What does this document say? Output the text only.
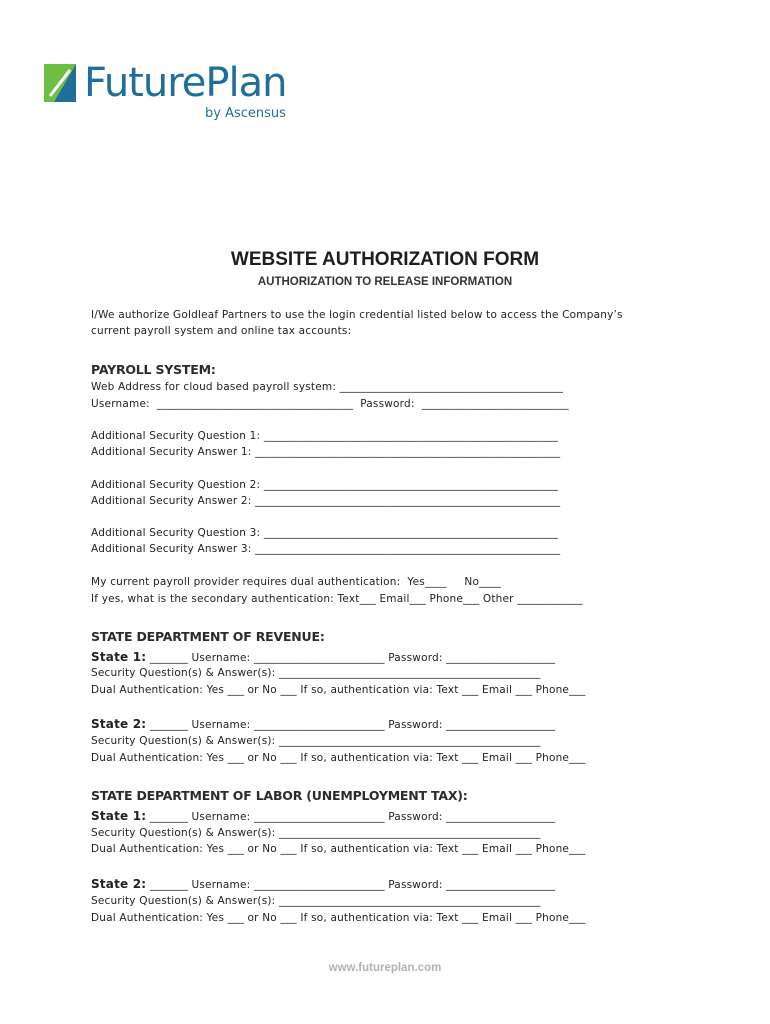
FuturePlan
by Ascensus
WEBSITE AUTHORIZATION FORM
AUTHORIZATION TO RELEASE INFORMATION
I/We authorize Goldleaf Partners to use the login credential listed below to access the Company’s
current payroll system and online tax accounts:
PAYROLL SYSTEM:
Web Address for cloud based payroll system: _________________________________________
Username:  ____________________________________  Password:  ___________________________
Additional Security Question 1: ______________________________________________________
Additional Security Answer 1: ________________________________________________________
Additional Security Question 2: ______________________________________________________
Additional Security Answer 2: ________________________________________________________
Additional Security Question 3: ______________________________________________________
Additional Security Answer 3: ________________________________________________________
My current payroll provider requires dual authentication:  Yes____     No____
If yes, what is the secondary authentication: Text___ Email___ Phone___ Other ____________
STATE DEPARTMENT OF REVENUE:
State 1: _______ Username: ________________________ Password: ____________________
Security Question(s) & Answer(s): ________________________________________________
Dual Authentication: Yes ___ or No ___ If so, authentication via: Text ___ Email ___ Phone___
State 2: _______ Username: ________________________ Password: ____________________
Security Question(s) & Answer(s): ________________________________________________
Dual Authentication: Yes ___ or No ___ If so, authentication via: Text ___ Email ___ Phone___
STATE DEPARTMENT OF LABOR (UNEMPLOYMENT TAX):
State 1: _______ Username: ________________________ Password: ____________________
Security Question(s) & Answer(s): ________________________________________________
Dual Authentication: Yes ___ or No ___ If so, authentication via: Text ___ Email ___ Phone___
State 2: _______ Username: ________________________ Password: ____________________
Security Question(s) & Answer(s): ________________________________________________
Dual Authentication: Yes ___ or No ___ If so, authentication via: Text ___ Email ___ Phone___
www.futureplan.com
